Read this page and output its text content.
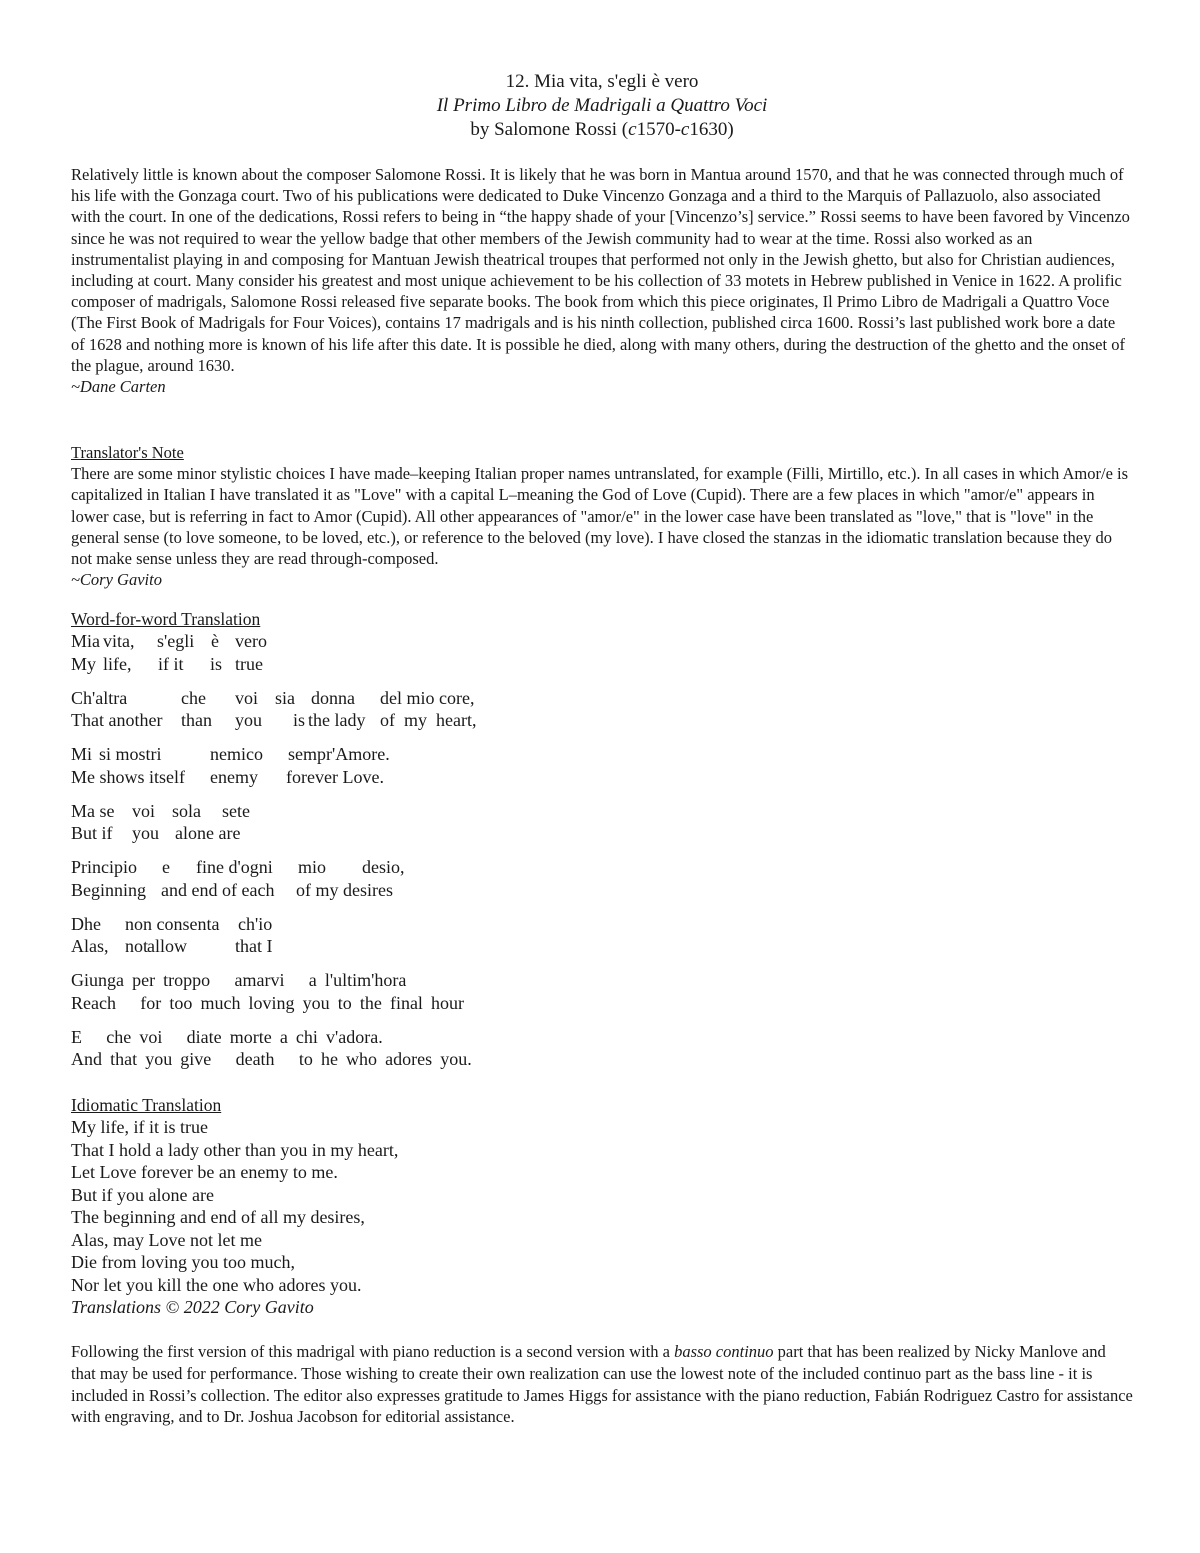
12. Mia vita, s'egli è vero
Il Primo Libro de Madrigali a Quattro Voci
by Salomone Rossi (c1570-c1630)

Relatively little is known about the composer Salomone Rossi. It is likely that he was born in Mantua around 1570, and that he was connected through much of his life with the Gonzaga court. Two of his publications were dedicated to Duke Vincenzo Gonzaga and a third to the Marquis of Pallazuolo, also associated with the court. In one of the dedications, Rossi refers to being in “the happy shade of your [Vincenzo’s] service.” Rossi seems to have been favored by Vincenzo since he was not required to wear the yellow badge that other members of the Jewish community had to wear at the time. Rossi also worked as an instrumentalist playing in and composing for Mantuan Jewish theatrical troupes that performed not only in the Jewish ghetto, but also for Christian audiences, including at court. Many consider his greatest and most unique achievement to be his collection of 33 motets in Hebrew published in Venice in 1622. A prolific composer of madrigals, Salomone Rossi released five separate books. The book from which this piece originates, Il Primo Libro de Madrigali a Quattro Voce (The First Book of Madrigals for Four Voices), contains 17 madrigals and is his ninth collection, published circa 1600. Rossi’s last published work bore a date of 1628 and nothing more is known of his life after this date. It is possible he died, along with many others, during the destruction of the ghetto and the onset of the plague, around 1630.

~Dane Carten
Translator's Note

There are some minor stylistic choices I have made–keeping Italian proper names untranslated, for example (Filli, Mirtillo, etc.). In all cases in which Amor/e is capitalized in Italian I have translated it as "Love" with a capital L–meaning the God of Love (Cupid). There are a few places in which "amor/e" appears in lower case, but is referring in fact to Amor (Cupid). All other appearances of "amor/e" in the lower case have been translated as "love," that is "love" in the general sense (to love someone, to be loved, etc.), or reference to the beloved (my love). I have closed the stanzas in the idiomatic translation because they do not make sense unless they are read through-composed.

~Cory Gavito
Word-for-word Translation
Mia vita, s'egli è vero
My life, if it is true
Ch'altra	che voi sia donna del mio core,
That another than you is the lady of my heart,
Mi si mostri	nemico sempr'Amore.
Me shows itself enemy forever Love.
Ma se voi sola sete
But if you alone are
Principio e fine d'ogni mio desio,
Beginning and end of each of my desires
Dhe non consenta ch'io
Alas, not
allow	that I
Giunga per troppo   amarvi   a l'ultim'hora
Reach   for too much loving you to the final hour
E   che voi   diate morte a chi v'adora.
And that you give   death   to he who adores you.
Idiomatic Translation
My life, if it is true
That I hold a lady other than you in my heart,
Let Love forever be an enemy to me.
But if you alone are
The beginning and end of all my desires,
Alas, may Love not let me
Die from loving you too much,
Nor let you kill the one who adores you.
Translations © 2022 Cory Gavito

Following the first version of this madrigal with piano reduction is a second version with a basso continuo part that has been realized by Nicky Manlove and that may be used for performance. Those wishing to create their own realization can use the lowest note of the included continuo part as the bass line - it is included in Rossi’s collection. The editor also expresses gratitude to James Higgs for assistance with the piano reduction, Fabián Rodriguez Castro for assistance with engraving, and to Dr. Joshua Jacobson for editorial assistance.
